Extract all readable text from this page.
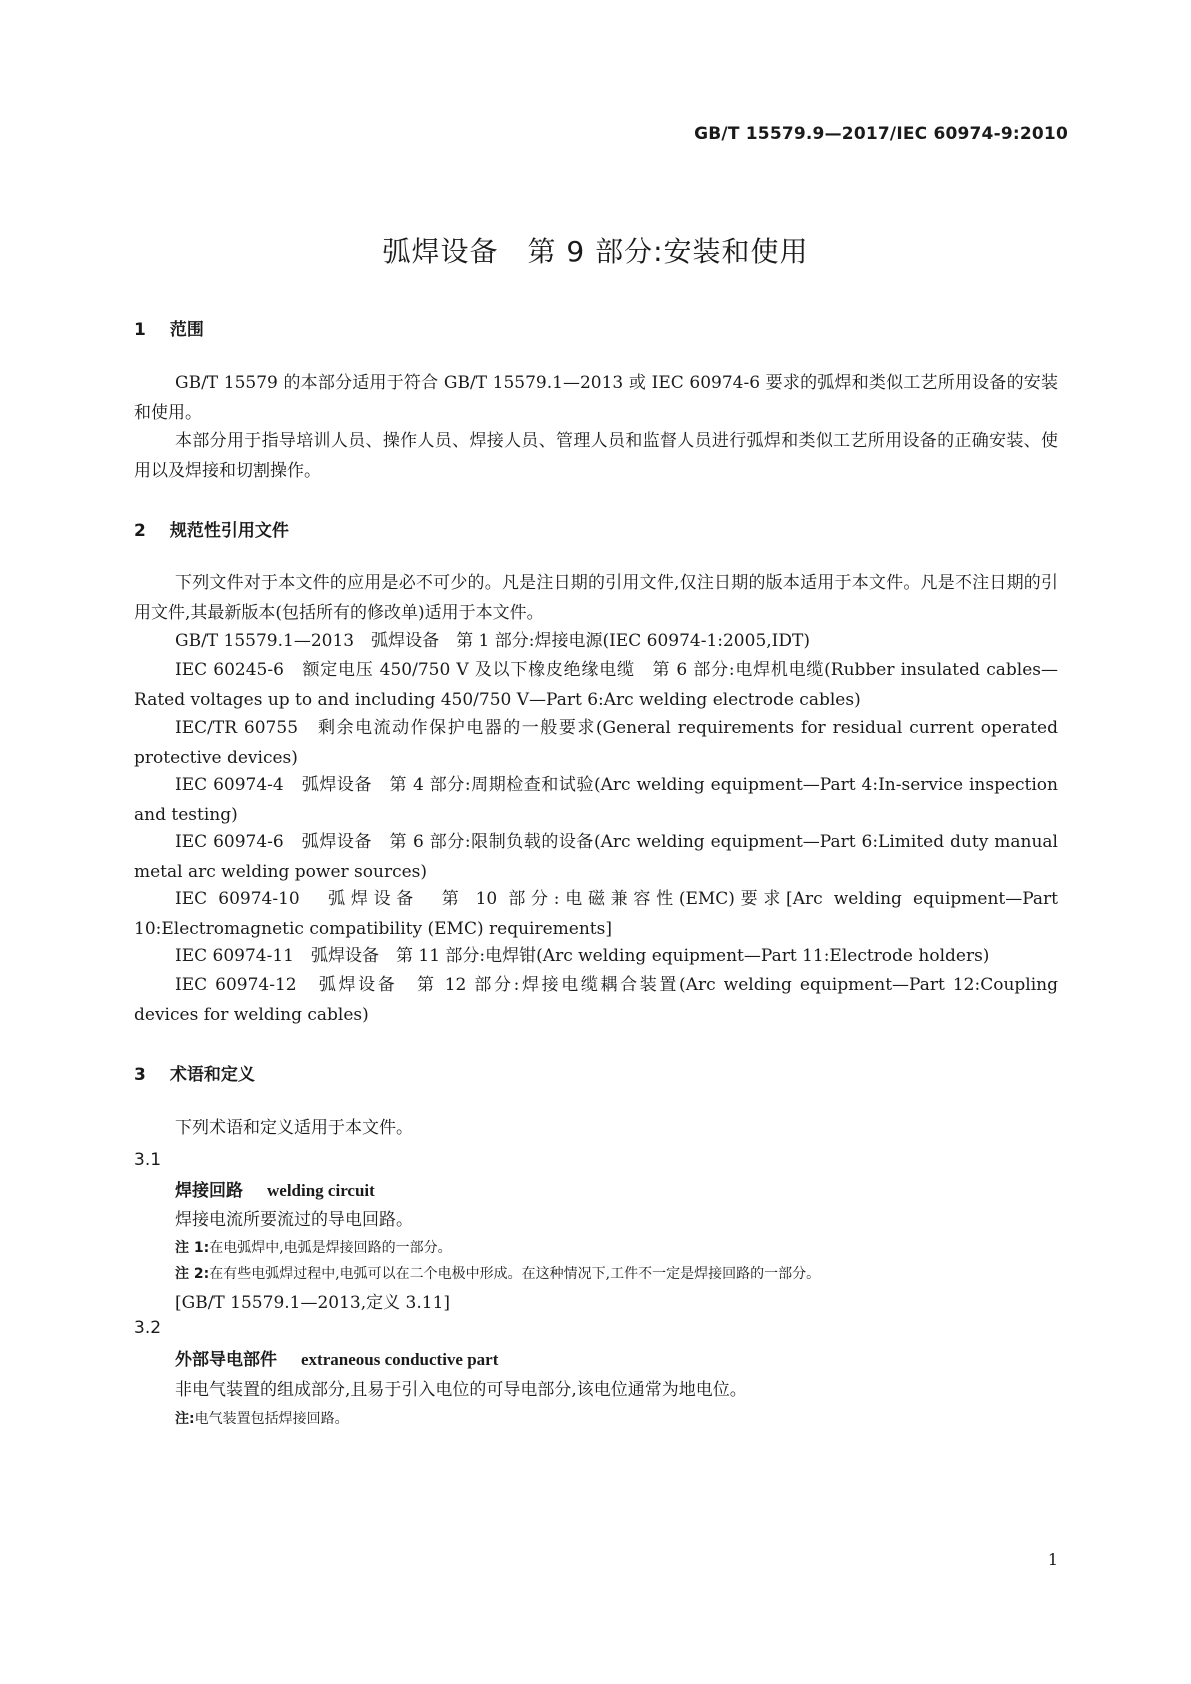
GB/T 15579.9—2017/IEC 60974-9:2010
弧焊设备　第 9 部分:安装和使用
1 范围
GB/T 15579 的本部分适用于符合 GB/T 15579.1—2013 或 IEC 60974-6 要求的弧焊和类似工艺所用设备的安装和使用。
本部分用于指导培训人员、操作人员、焊接人员、管理人员和监督人员进行弧焊和类似工艺所用设备的正确安装、使用以及焊接和切割操作。
2 规范性引用文件
下列文件对于本文件的应用是必不可少的。凡是注日期的引用文件,仅注日期的版本适用于本文件。凡是不注日期的引用文件,其最新版本(包括所有的修改单)适用于本文件。
GB/T 15579.1—2013　弧焊设备　第 1 部分:焊接电源(IEC 60974-1:2005,IDT)
IEC 60245-6　额定电压 450/750 V 及以下橡皮绝缘电缆　第 6 部分:电焊机电缆(Rubber insulated cables—Rated voltages up to and including 450/750 V—Part 6:Arc welding electrode cables)
IEC/TR 60755　剩余电流动作保护电器的一般要求(General requirements for residual current operated protective devices)
IEC 60974-4　弧焊设备　第 4 部分:周期检查和试验(Arc welding equipment—Part 4:In-service inspection and testing)
IEC 60974-6　弧焊设备　第 6 部分:限制负载的设备(Arc welding equipment—Part 6:Limited duty manual metal arc welding power sources)
IEC 60974-10　弧焊设备　第 10 部分:电磁兼容性(EMC)要求[Arc welding equipment—Part 10:Electromagnetic compatibility (EMC) requirements]
IEC 60974-11　弧焊设备　第 11 部分:电焊钳(Arc welding equipment—Part 11:Electrode holders)
IEC 60974-12　弧焊设备　第 12 部分:焊接电缆耦合装置(Arc welding equipment—Part 12:Coupling devices for welding cables)
3 术语和定义
下列术语和定义适用于本文件。
3.1
焊接回路 welding circuit
焊接电流所要流过的导电回路。
注 1:在电弧焊中,电弧是焊接回路的一部分。
注 2:在有些电弧焊过程中,电弧可以在二个电极中形成。在这种情况下,工件不一定是焊接回路的一部分。
[GB/T 15579.1—2013,定义 3.11]
3.2
外部导电部件 extraneous conductive part
非电气装置的组成部分,且易于引入电位的可导电部分,该电位通常为地电位。
注:电气装置包括焊接回路。
1
